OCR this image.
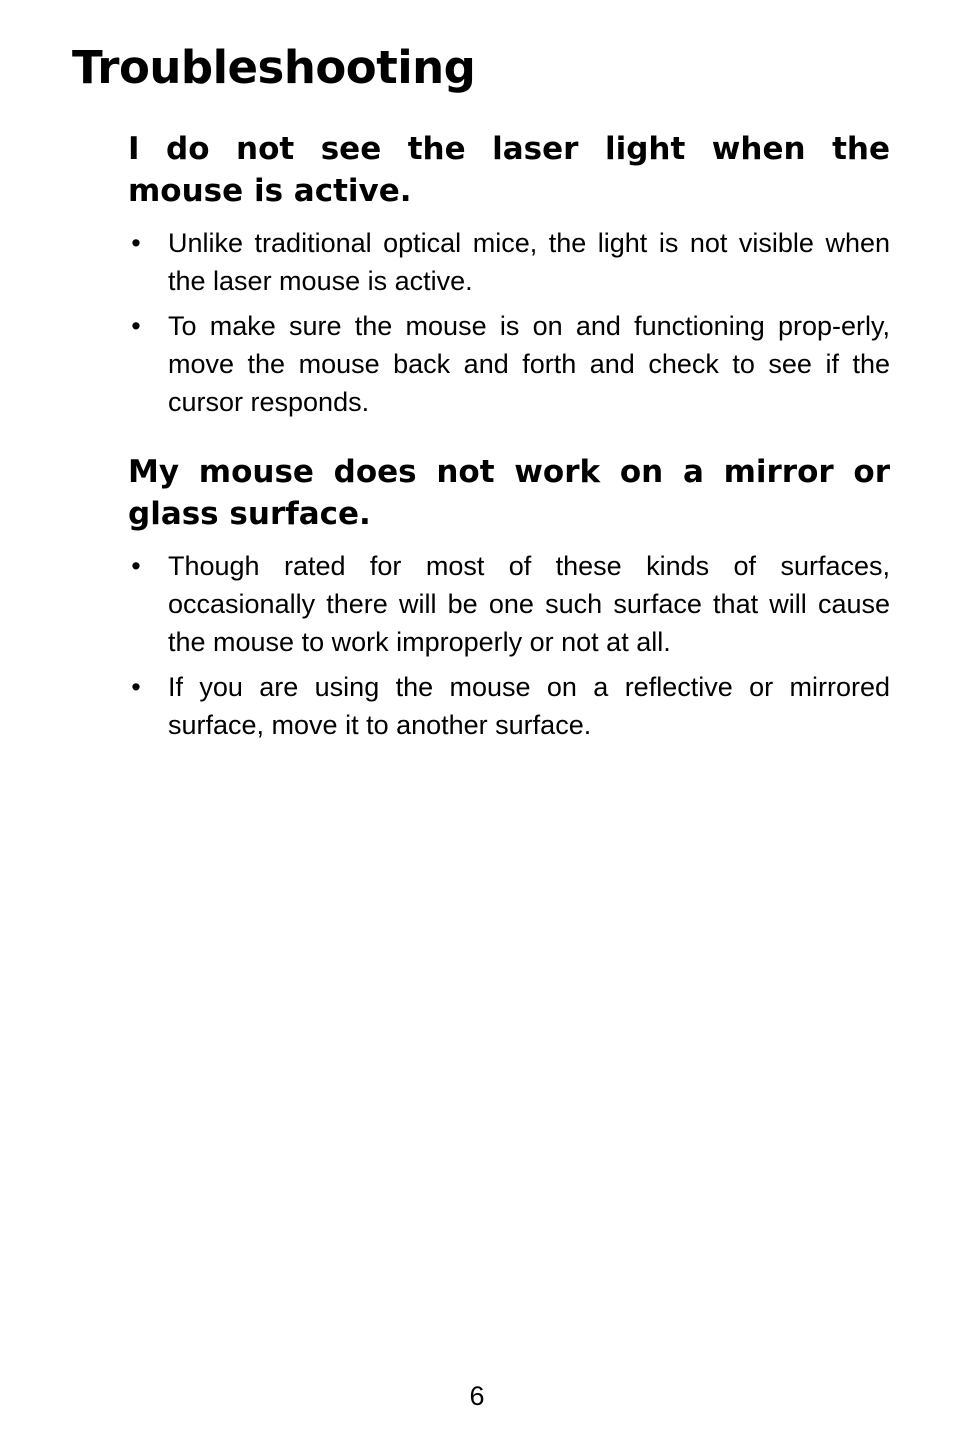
Troubleshooting
I do not see the laser light when the mouse is active.
• Unlike traditional optical mice, the light is not visible when the laser mouse is active.
• To make sure the mouse is on and functioning prop-erly, move the mouse back and forth and check to see if the cursor responds.
My mouse does not work on a mirror or glass surface.
• Though rated for most of these kinds of surfaces, occasionally there will be one such surface that will cause the mouse to work improperly or not at all.
• If you are using the mouse on a reflective or mirrored surface, move it to another surface.
6
